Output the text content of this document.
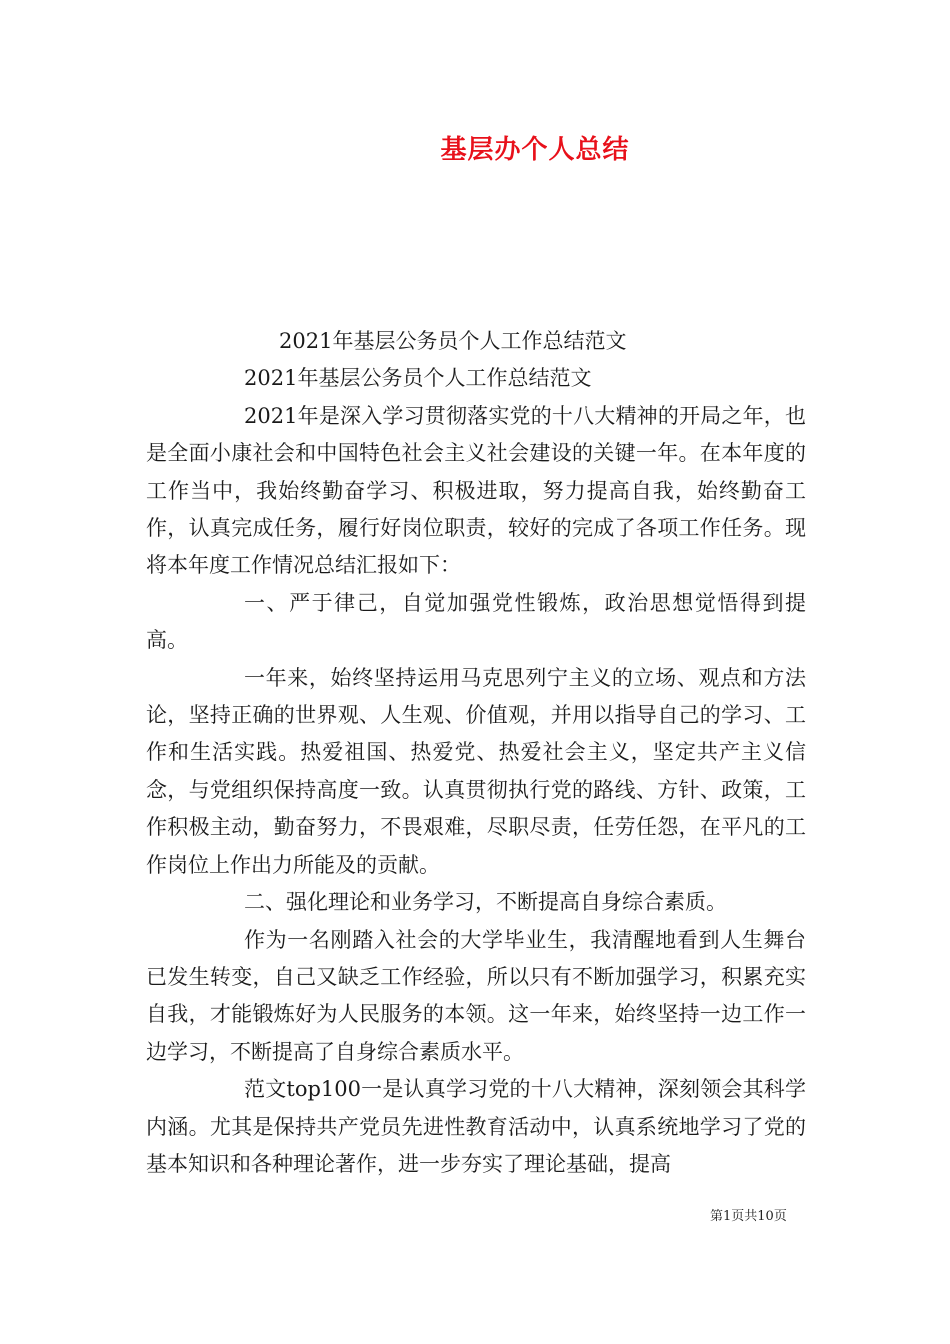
基层办个人总结

2021年基层公务员个人工作总结范文

2021年基层公务员个人工作总结范文

2021年是深入学习贯彻落实党的十八大精神的开局之年，也是全面小康社会和中国特色社会主义社会建设的关键一年。在本年度的工作当中，我始终勤奋学习、积极进取，努力提高自我，始终勤奋工作，认真完成任务，履行好岗位职责，较好的完成了各项工作任务。现将本年度工作情况总结汇报如下：

一、严于律己，自觉加强党性锻炼，政治思想觉悟得到提高。

一年来，始终坚持运用马克思列宁主义的立场、观点和方法论，坚持正确的世界观、人生观、价值观，并用以指导自己的学习、工作和生活实践。热爱祖国、热爱党、热爱社会主义，坚定共产主义信念，与党组织保持高度一致。认真贯彻执行党的路线、方针、政策，工作积极主动，勤奋努力，不畏艰难，尽职尽责，任劳任怨，在平凡的工作岗位上作出力所能及的贡献。

二、强化理论和业务学习，不断提高自身综合素质。

作为一名刚踏入社会的大学毕业生，我清醒地看到人生舞台已发生转变，自己又缺乏工作经验，所以只有不断加强学习，积累充实自我，才能锻炼好为人民服务的本领。这一年来，始终坚持一边工作一边学习，不断提高了自身综合素质水平。

范文top100一是认真学习党的十八大精神，深刻领会其科学内涵。尤其是保持共产党员先进性教育活动中，认真系统地学习了党的基本知识和各种理论著作，进一步夯实了理论基础，提高

第1页共10页
